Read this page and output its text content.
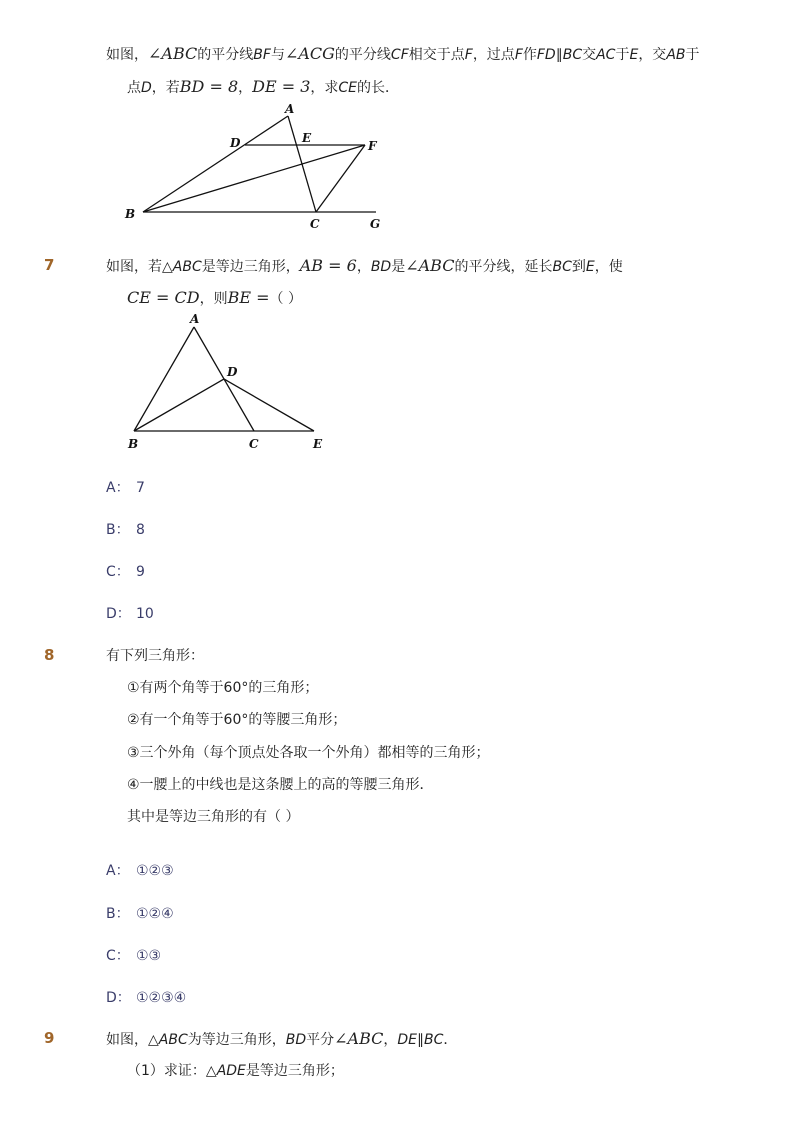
如图，∠ABC的平分线BF与∠ACG的平分线CF相交于点F，过点F作FD∥BC交AC于E，交AB于
点D，若BD = 8，DE = 3，求CE的长．
A
D	E
F
B
C	G
7	如图，若△ABC是等边三角形，AB = 6，BD是∠ABC的平分线，延长BC到E，使
CE = CD，则BE =（ ）
A
D
B	C	E
A： 7
B： 8
C： 9
D： 10
8	有下列三角形：
①有两个角等于60°的三角形；
②有一个角等于60°的等腰三角形；
③三个外角（每个顶点处各取一个外角）都相等的三角形；
④一腰上的中线也是这条腰上的高的等腰三角形．
其中是等边三角形的有（ ）
A： ①②③
B： ①②④
C： ①③
D： ①②③④
9	如图，△ABC为等边三角形，BD平分∠ABC，DE∥BC．
（1）求证：△ADE是等边三角形；
